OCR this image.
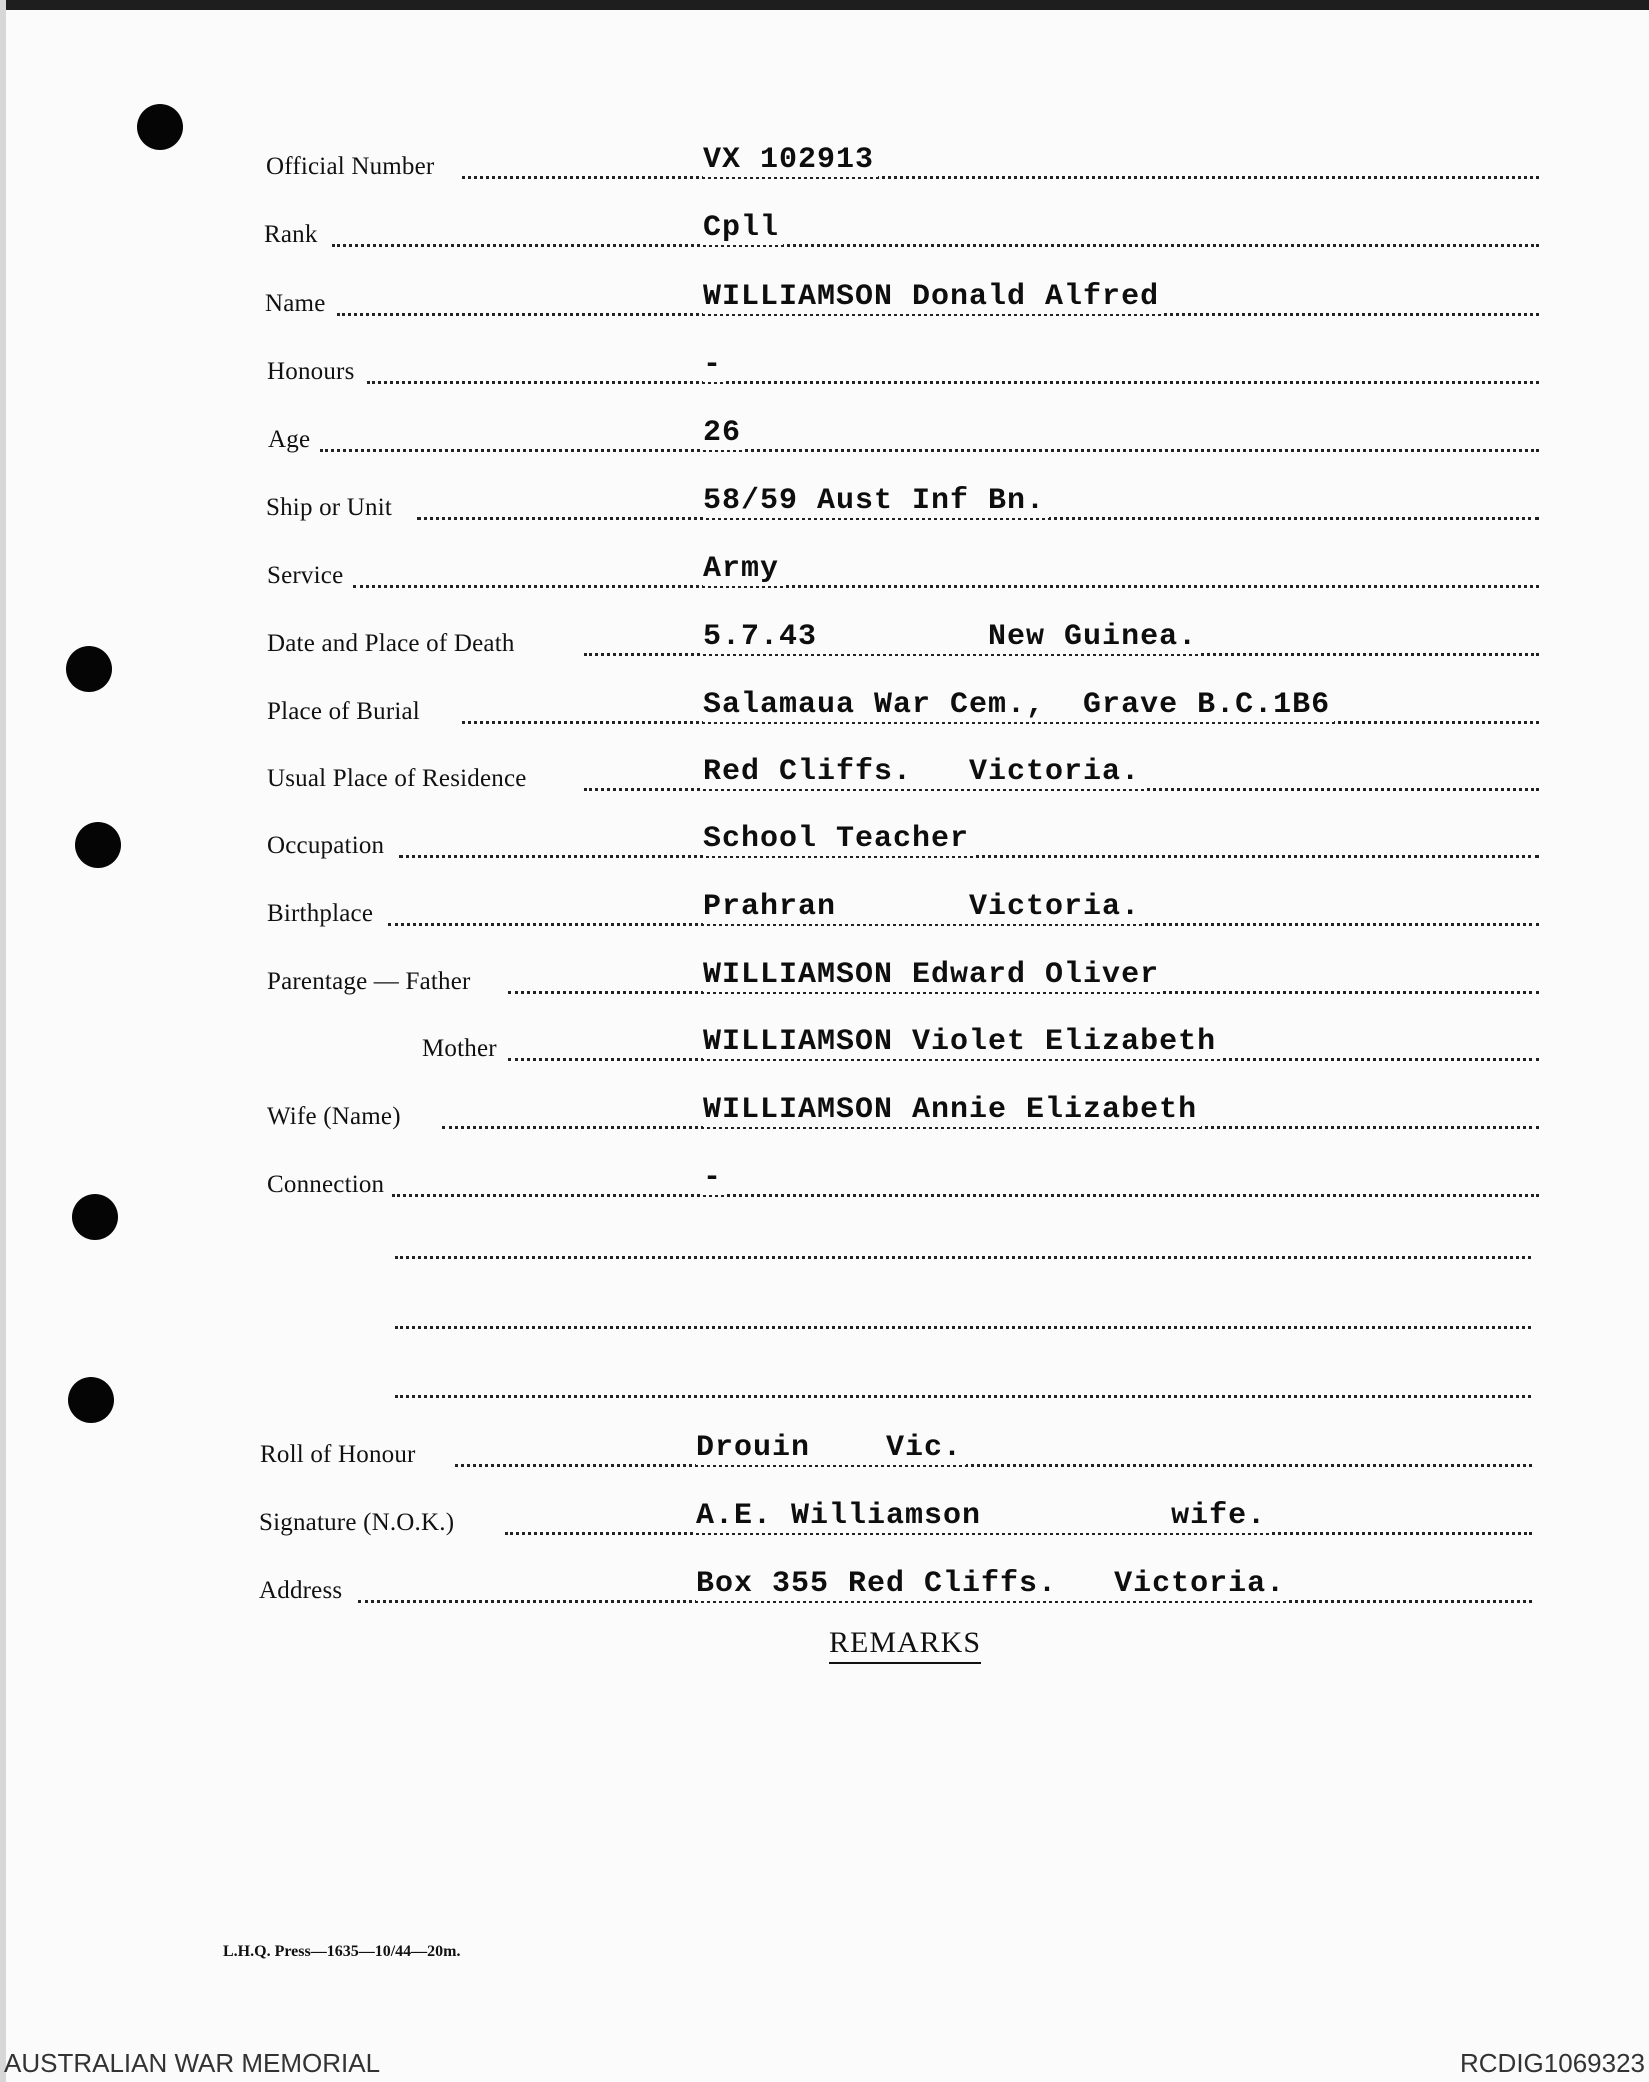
Official Number	VX 102913
Rank	Cpll
Name	WILLIAMSON Donald Alfred
Honours	-
Age	26
Ship or Unit	58/59 Aust Inf Bn.
Service	Army
Date and Place of Death	5.7.43         New Guinea.
Place of Burial	Salamaua War Cem.,  Grave B.C.1B6
Usual Place of Residence	Red Cliffs.   Victoria.
Occupation	School Teacher
Birthplace	Prahran       Victoria.
Parentage — Father	WILLIAMSON Edward Oliver
Mother	WILLIAMSON Violet Elizabeth
Wife (Name)	WILLIAMSON Annie Elizabeth
Connection	-
Roll of Honour	Drouin    Vic.
Signature (N.O.K.)	A.E. Williamson          wife.
Address	Box 355 Red Cliffs.   Victoria.
REMARKS
L.H.Q. Press—1635—10/44—20m.
AUSTRALIAN WAR MEMORIAL	RCDIG1069323
